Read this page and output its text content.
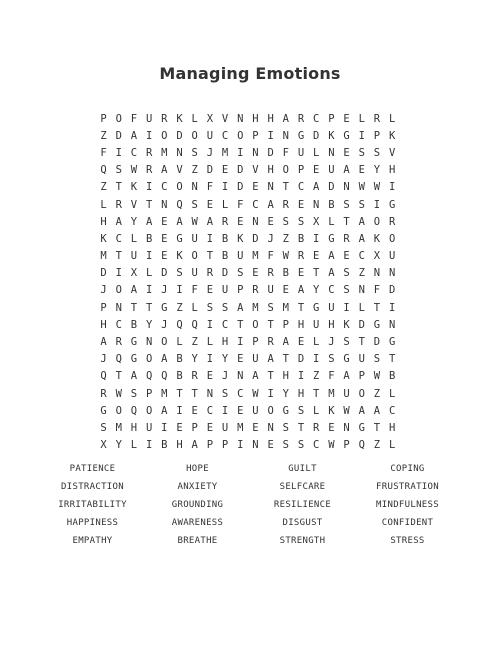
Managing Emotions
P O F U R K L X V N H H A R C P E L R L
Z D A I O D O U C O P I N G D K G I P K
F I C R M N S J M I N D F U L N E S S V
Q S W R A V Z D E D V H O P E U A E Y H
Z T K I C O N F I D E N T C A D N W W I
L R V T N Q S E L F C A R E N B S S I G
H A Y A E A W A R E N E S S X L T A O R
K C L B E G U I B K D J Z B I G R A K O
M T U I E K O T B U M F W R E A E C X U
D I X L D S U R D S E R B E T A S Z N N
J O A I J I F E U P R U E A Y C S N F D
P N T T G Z L S S A M S M T G U I L T I
H C B Y J Q Q I C T O T P H U H K D G N
A R G N O L Z L H I P R A E L J S T D G
J Q G O A B Y I Y E U A T D I S G U S T
Q T A Q Q B R E J N A T H I Z F A P W B
R W S P M T T N S C W I Y H T M U O Z L
G O Q O A I E C I E U O G S L K W A A C
S M H U I E P E U M E N S T R E N G T H
X Y L I B H A P P I N E S S C W P Q Z L
PATIENCE	HOPE	GUILT	COPING
DISTRACTION	ANXIETY	SELFCARE	FRUSTRATION
IRRITABILITY	GROUNDING	RESILIENCE	MINDFULNESS
HAPPINESS	AWARENESS	DISGUST	CONFIDENT
EMPATHY	BREATHE	STRENGTH	STRESS
